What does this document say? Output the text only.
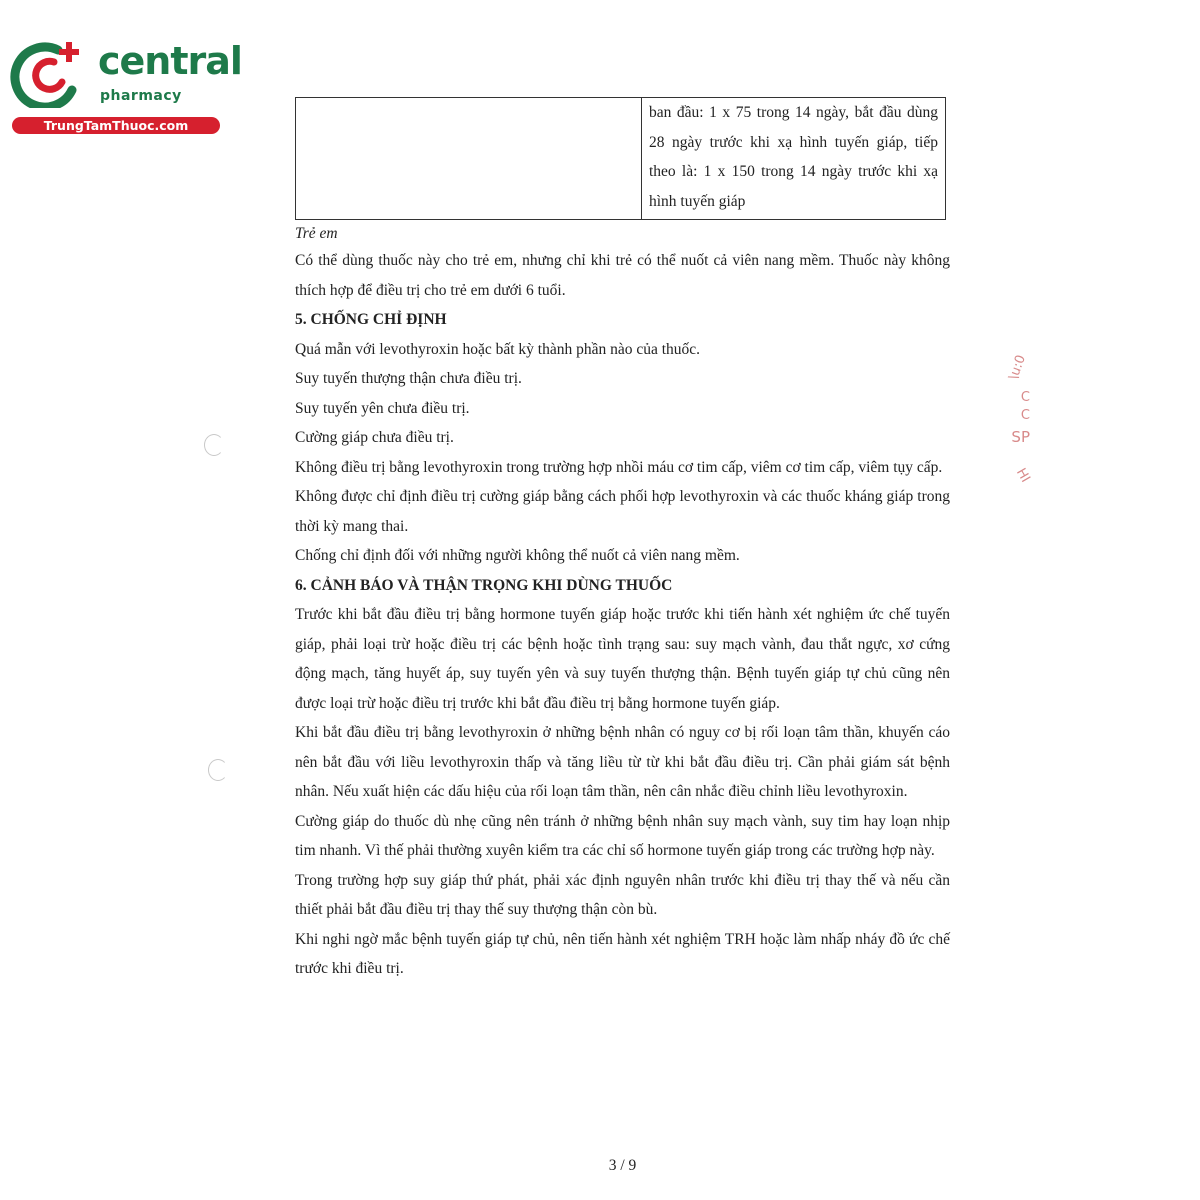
central
pharmacy
TrungTamThuoc.com
\u:0
C
C
SP
HI
	ban đầu: 1 x 75 trong 14 ngày, bắt đầu dùng 28 ngày trước khi xạ hình tuyến giáp, tiếp theo là: 1 x 150 trong 14 ngày trước khi xạ hình tuyến giáp

Trẻ em

Có thể dùng thuốc này cho trẻ em, nhưng chỉ khi trẻ có thể nuốt cả viên nang mềm. Thuốc này không thích hợp để điều trị cho trẻ em dưới 6 tuổi.

5. CHỐNG CHỈ ĐỊNH

Quá mẫn với levothyroxin hoặc bất kỳ thành phần nào của thuốc.

Suy tuyến thượng thận chưa điều trị.

Suy tuyến yên chưa điều trị.

Cường giáp chưa điều trị.

Không điều trị bằng levothyroxin trong trường hợp nhồi máu cơ tim cấp, viêm cơ tim cấp, viêm tụy cấp.

Không được chỉ định điều trị cường giáp bằng cách phối hợp levothyroxin và các thuốc kháng giáp trong thời kỳ mang thai.

Chống chỉ định đối với những người không thể nuốt cả viên nang mềm.

6. CẢNH BÁO VÀ THẬN TRỌNG KHI DÙNG THUỐC

Trước khi bắt đầu điều trị bằng hormone tuyến giáp hoặc trước khi tiến hành xét nghiệm ức chế tuyến giáp, phải loại trừ hoặc điều trị các bệnh hoặc tình trạng sau: suy mạch vành, đau thắt ngực, xơ cứng động mạch, tăng huyết áp, suy tuyến yên và suy tuyến thượng thận. Bệnh tuyến giáp tự chủ cũng nên được loại trừ hoặc điều trị trước khi bắt đầu điều trị bằng hormone tuyến giáp.

Khi bắt đầu điều trị bằng levothyroxin ở những bệnh nhân có nguy cơ bị rối loạn tâm thần, khuyến cáo nên bắt đầu với liều levothyroxin thấp và tăng liều từ từ khi bắt đầu điều trị. Cần phải giám sát bệnh nhân. Nếu xuất hiện các dấu hiệu của rối loạn tâm thần, nên cân nhắc điều chỉnh liều levothyroxin.

Cường giáp do thuốc dù nhẹ cũng nên tránh ở những bệnh nhân suy mạch vành, suy tim hay loạn nhịp tim nhanh. Vì thế phải thường xuyên kiểm tra các chỉ số hormone tuyến giáp trong các trường hợp này.

Trong trường hợp suy giáp thứ phát, phải xác định nguyên nhân trước khi điều trị thay thế và nếu cần thiết phải bắt đầu điều trị thay thế suy thượng thận còn bù.

Khi nghi ngờ mắc bệnh tuyến giáp tự chủ, nên tiến hành xét nghiệm TRH hoặc làm nhấp nháy đồ ức chế trước khi điều trị.

3 / 9
